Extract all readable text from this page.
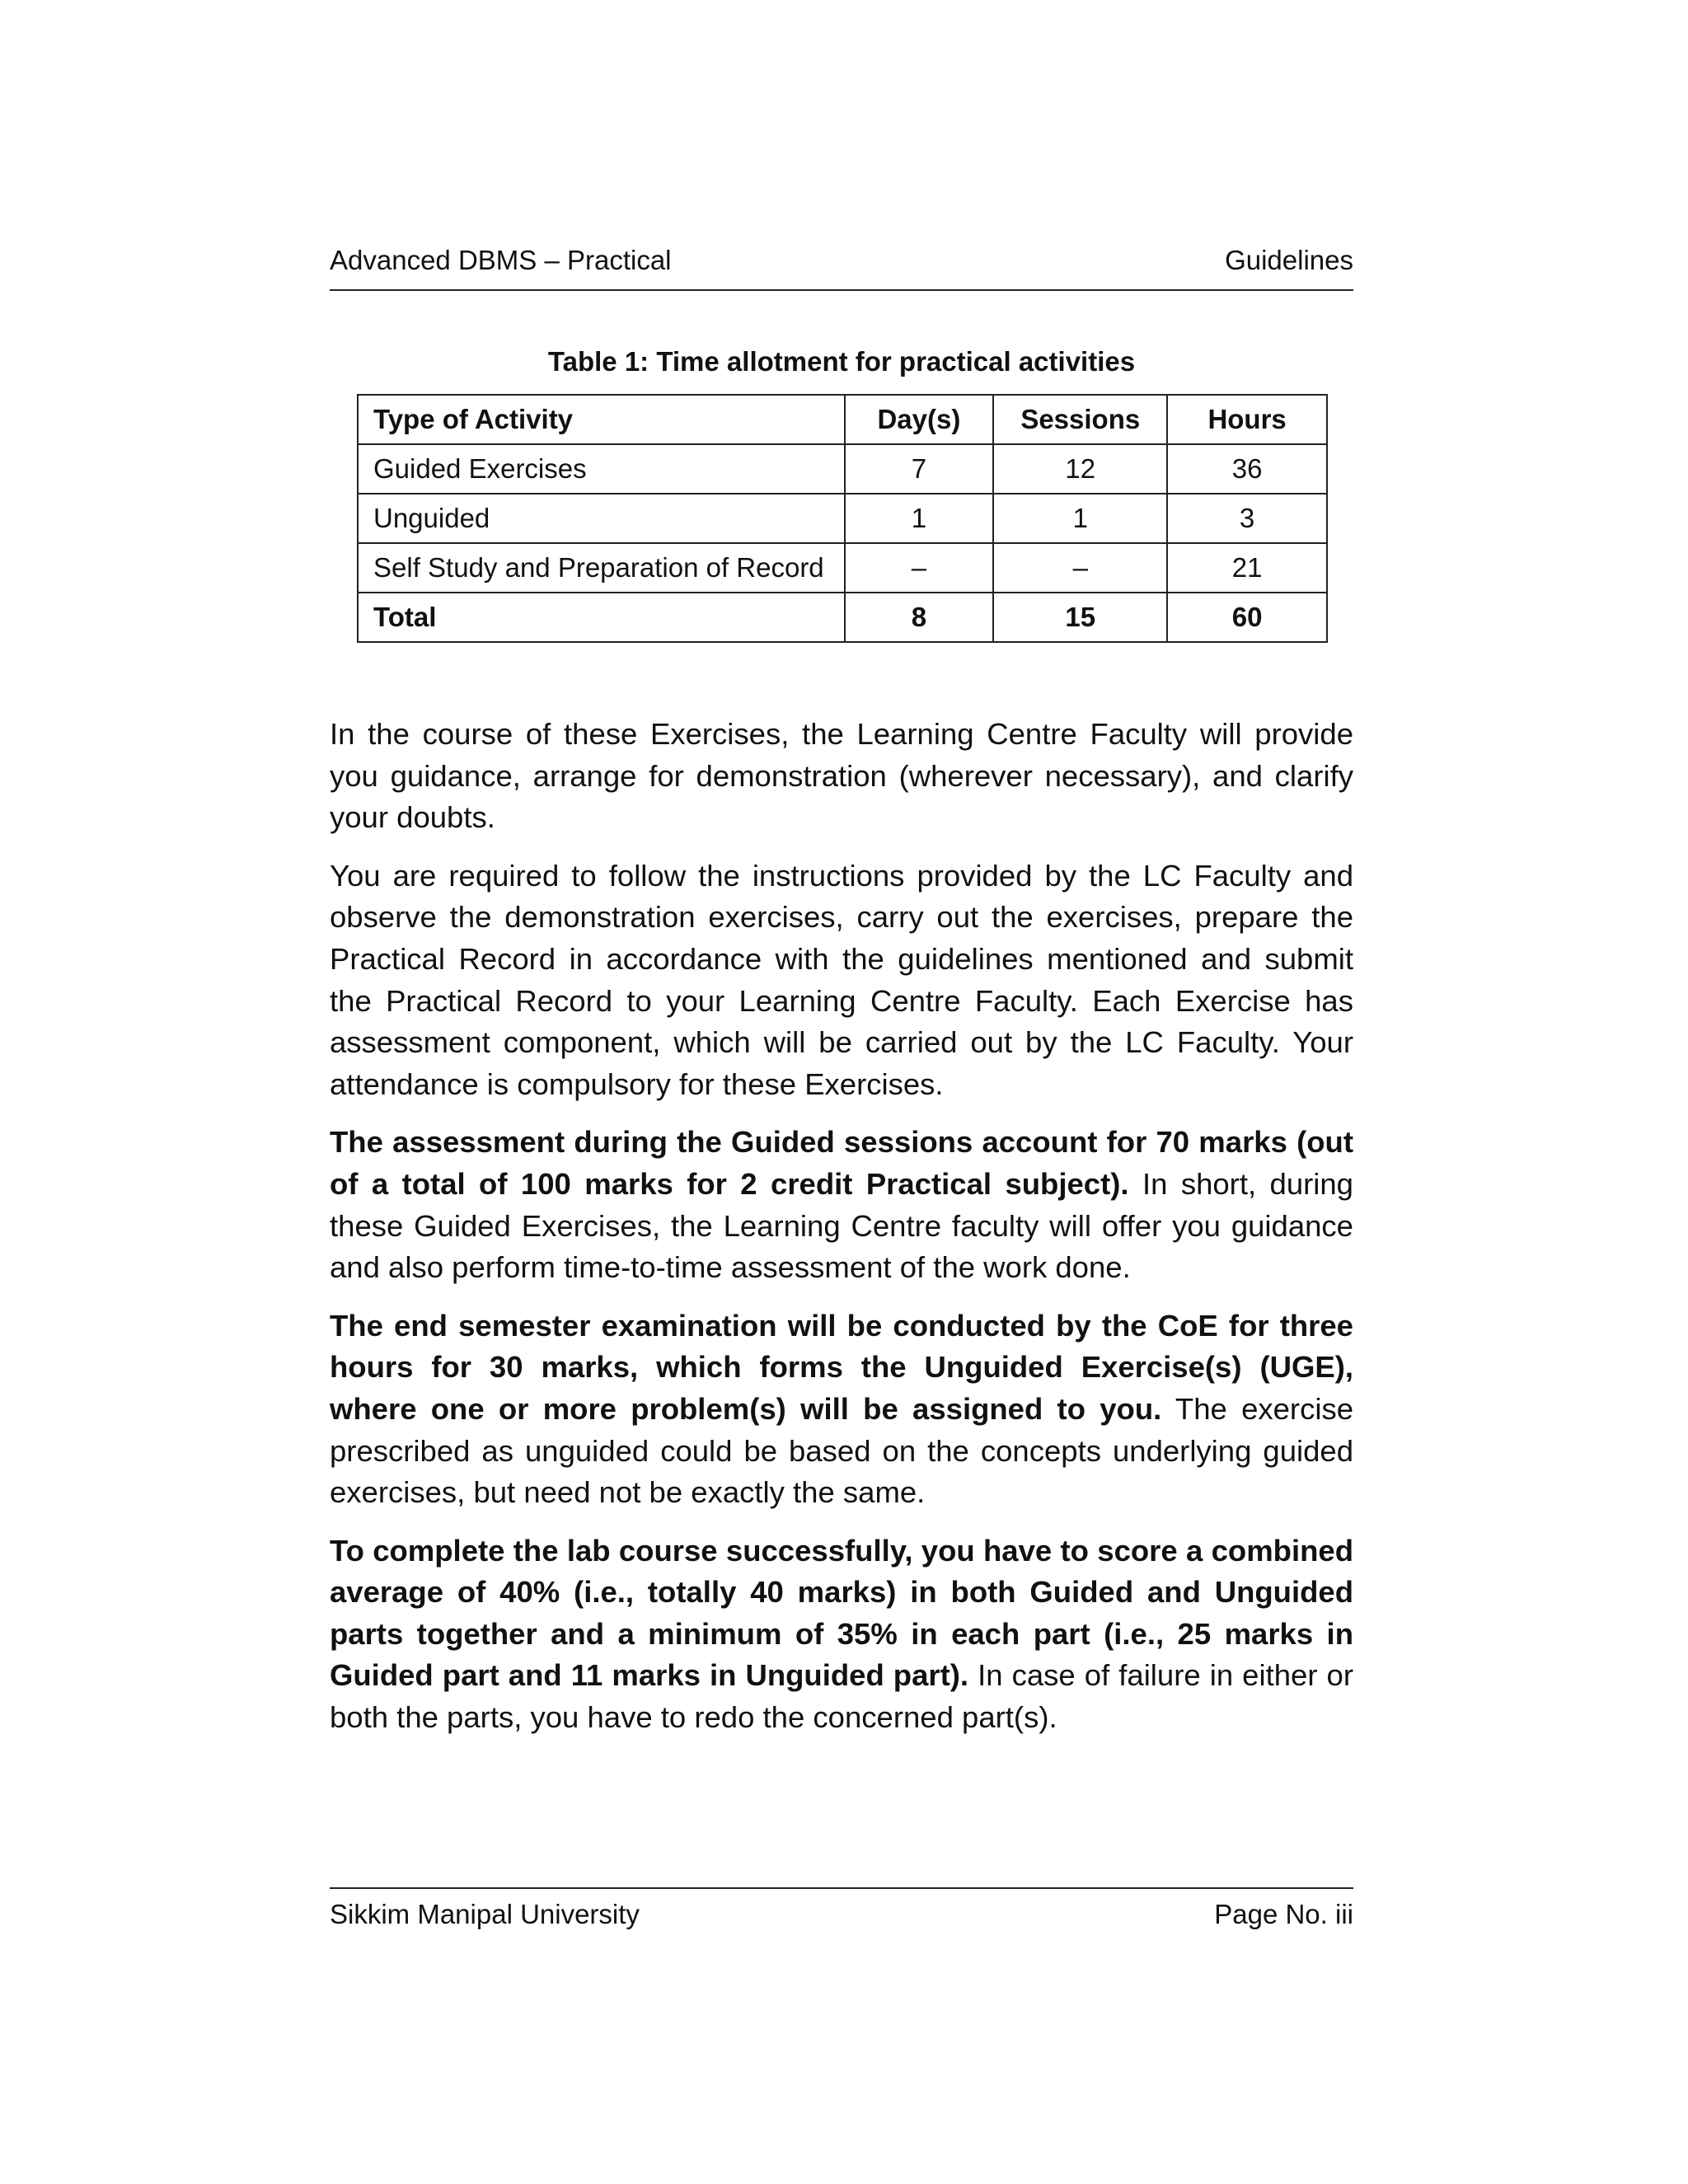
Advanced DBMS – Practical	Guidelines
Table 1: Time allotment for practical activities
Type of Activity	Day(s)	Sessions	Hours
Guided Exercises	7	12	36
Unguided	1	1	3
Self Study and Preparation of Record	–	–	21
Total	8	15	60

In the course of these Exercises, the Learning Centre Faculty will provide you guidance, arrange for demonstration (wherever necessary), and clarify your doubts.

You are required to follow the instructions provided by the LC Faculty and observe the demonstration exercises, carry out the exercises, prepare the Practical Record in accordance with the guidelines mentioned and submit the Practical Record to your Learning Centre Faculty. Each Exercise has assessment component, which will be carried out by the LC Faculty. Your attendance is compulsory for these Exercises.

The assessment during the Guided sessions account for 70 marks (out of a total of 100 marks for 2 credit Practical subject). In short, during these Guided Exercises, the Learning Centre faculty will offer you guidance and also perform time-to-time assessment of the work done.

The end semester examination will be conducted by the CoE for three hours for 30 marks, which forms the Unguided Exercise(s) (UGE), where one or more problem(s) will be assigned to you. The exercise prescribed as unguided could be based on the concepts underlying guided exercises, but need not be exactly the same.

To complete the lab course successfully, you have to score a combined average of 40% (i.e., totally 40 marks) in both Guided and Unguided parts together and a minimum of 35% in each part (i.e., 25 marks in Guided part and 11 marks in Unguided part). In case of failure in either or both the parts, you have to redo the concerned part(s).

Sikkim Manipal University	Page No. iii
